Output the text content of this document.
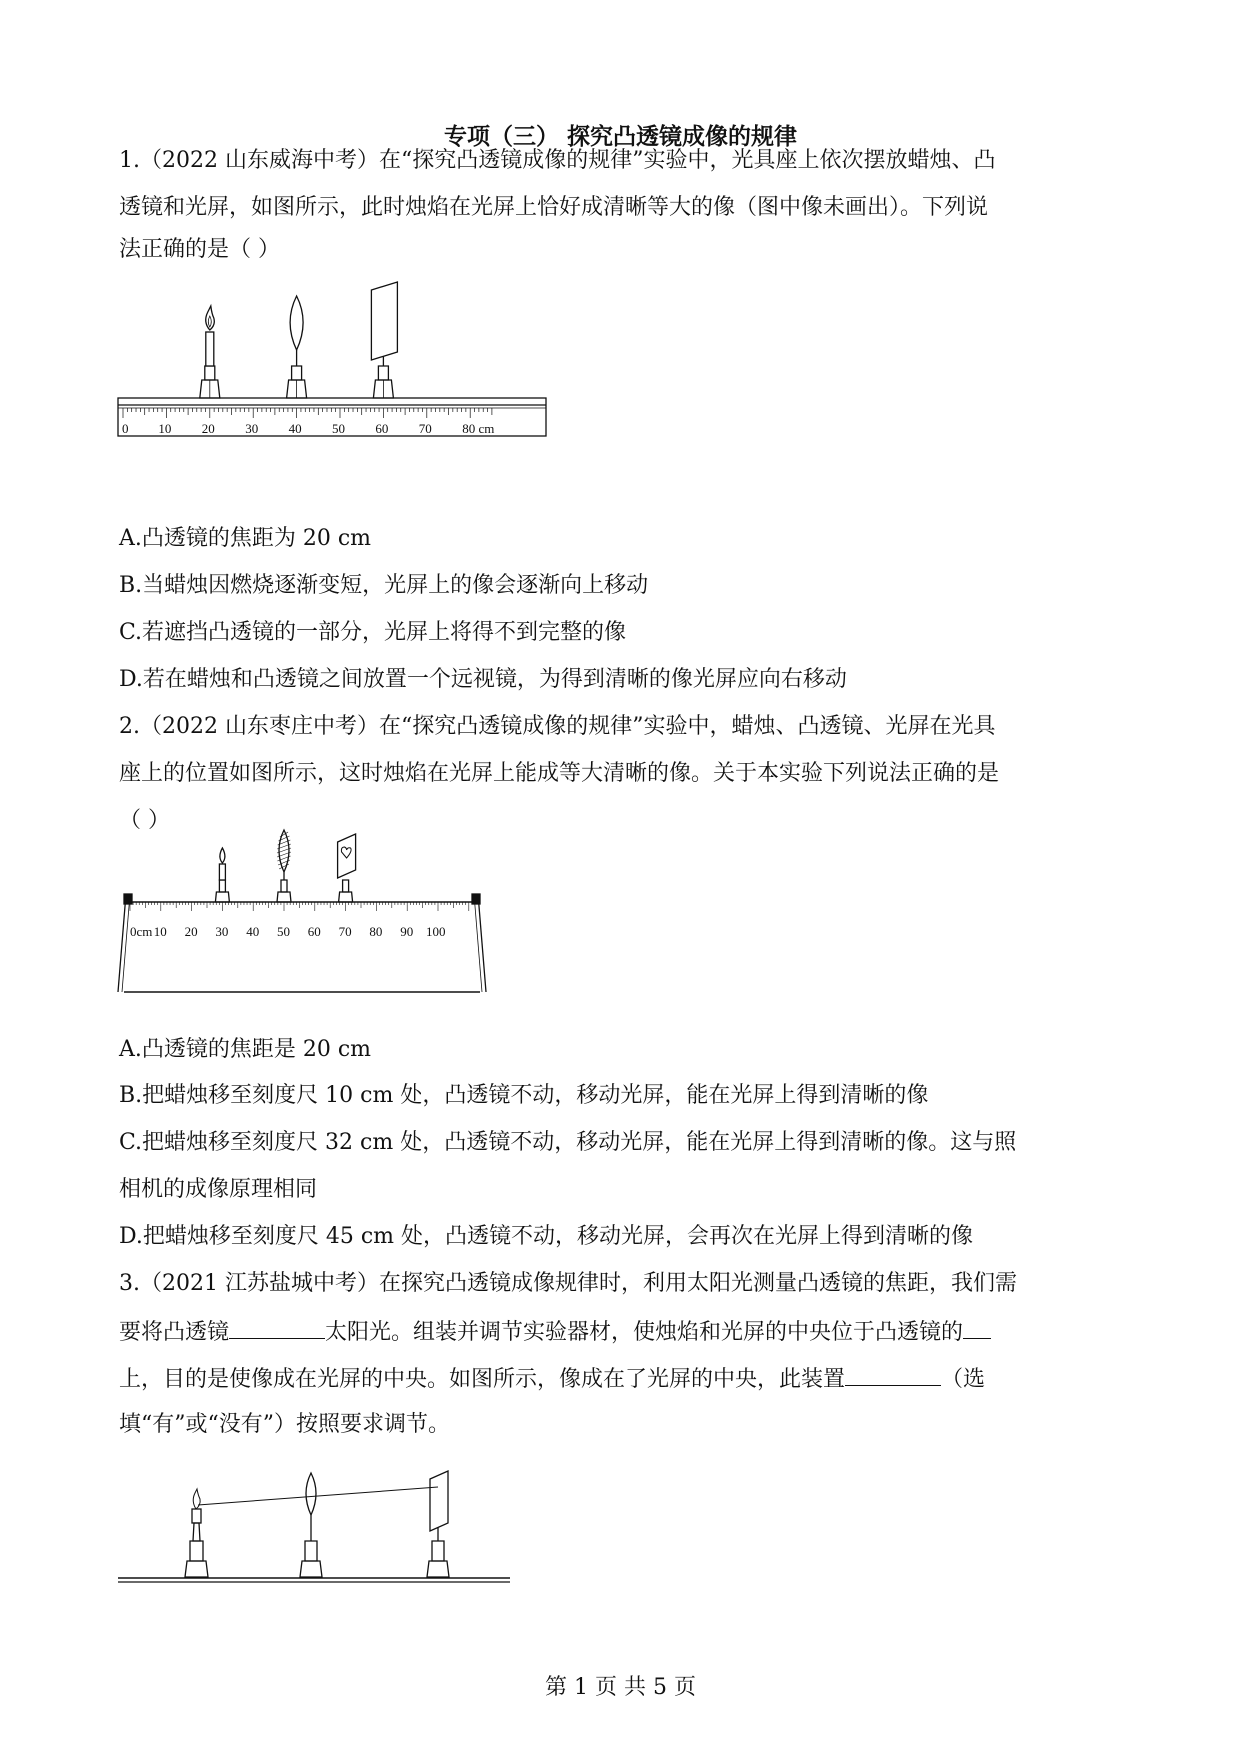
专项（三） 探究凸透镜成像的规律
1.（2022 山东威海中考）在“探究凸透镜成像的规律”实验中，光具座上依次摆放蜡烛、凸
透镜和光屏，如图所示，此时烛焰在光屏上恰好成清晰等大的像（图中像未画出）。下列说
法正确的是（ ）
0 10 20 30 40 50 60 70 80 cm
A.凸透镜的焦距为 20 cm
B.当蜡烛因燃烧逐渐变短，光屏上的像会逐渐向上移动
C.若遮挡凸透镜的一部分，光屏上将得不到完整的像
D.若在蜡烛和凸透镜之间放置一个远视镜，为得到清晰的像光屏应向右移动
2.（2022 山东枣庄中考）在“探究凸透镜成像的规律”实验中，蜡烛、凸透镜、光屏在光具
座上的位置如图所示，这时烛焰在光屏上能成等大清晰的像。关于本实验下列说法正确的是
（ ）
0cm 10 20 30 40 50 60 70 80 90 100
A.凸透镜的焦距是 20 cm
B.把蜡烛移至刻度尺 10 cm 处，凸透镜不动，移动光屏，能在光屏上得到清晰的像
C.把蜡烛移至刻度尺 32 cm 处，凸透镜不动，移动光屏，能在光屏上得到清晰的像。这与照
相机的成像原理相同
D.把蜡烛移至刻度尺 45 cm 处，凸透镜不动，移动光屏，会再次在光屏上得到清晰的像
3.（2021 江苏盐城中考）在探究凸透镜成像规律时，利用太阳光测量凸透镜的焦距，我们需
要将凸透镜	太阳光。组装并调节实验器材，使烛焰和光屏的中央位于凸透镜的
上，目的是使像成在光屏的中央。如图所示，像成在了光屏的中央，此装置	（选
填“有”或“没有”）按照要求调节。
第 1 页 共 5 页
